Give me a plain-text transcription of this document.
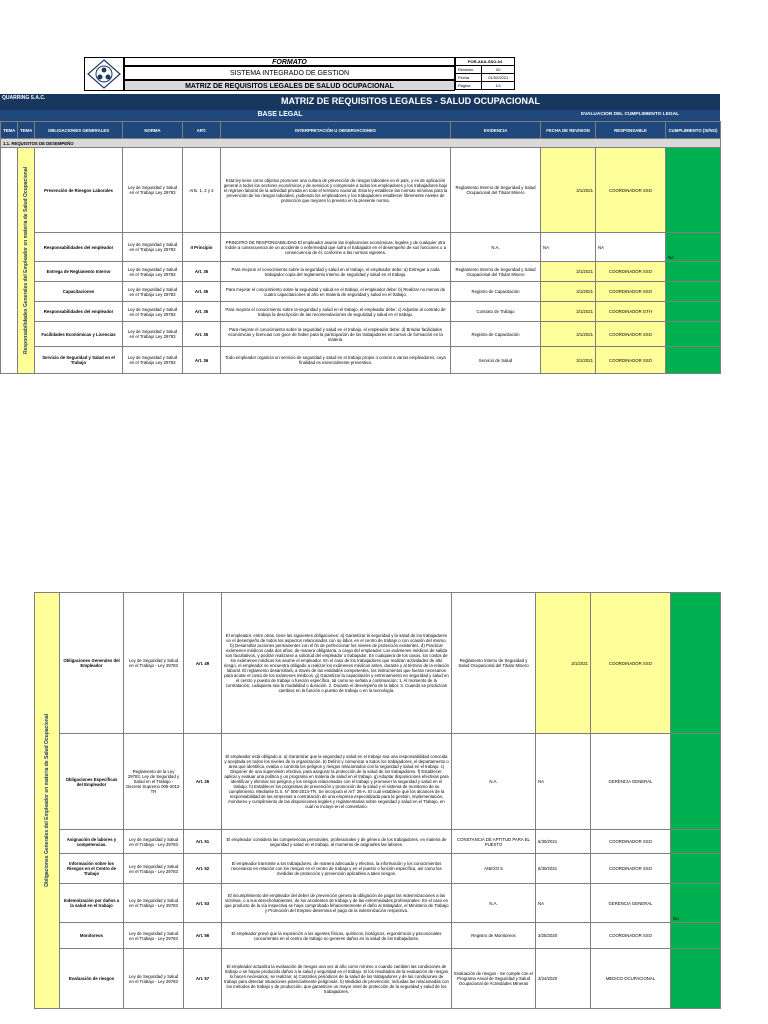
FORMATO
SISTEMA INTEGRADO DE GESTION
MATRIZ DE REQUISITOS LEGALES DE SALUD OCUPACIONAL
POR-AKA-SSO-04	
Revisión	00
Fecha	01/02/2021
Página	1/1
QUARRING S.A.C.	MATRIZ DE REQUISITOS LEGALES - SALUD OCUPACIONAL
BASE LEGAL	EVALUACION DEL CUMPLIMIENTO LEGAL
TEMA	TEMA	OBLIGACIONES GENERALES	NORMA	ART.	INTERPRETACIÓN U OBSERVACIONES	EVIDENCIA	FECHA DE REVISION	RESPONSABLE	CUMPLIMIENTO (SI/NO)
1.1. REQUISITOS DE DESEMPEÑO									

	Responsabilidades Generales del Empleador en materia de Salud Ocupacional	Prevención de Riesgos Laborales	Ley de Seguridad y Salud en el Trabajo Ley 29783	Arts. 1, 2 y 3	Esta ley tiene como objetivo promover una cultura de prevención de riesgos laborales en el país, y es de aplicación general a todos los sectores económicos y de servicios y comprende a todos los empleadores y los trabajadores bajo el régimen laboral de la actividad privada en todo el territorio nacional. Esta ley establece las normas mínimas para la prevención de los riesgos laborales, pudiendo los empleadores y los trabajadores establecer libremente niveles de protección que mejoren lo previsto en la presente norma.	Reglamento Interno de Seguridad y Salud Ocupacional del Titular Minero	3/1/2021	COORDINADOR SSO	
		Responsabilidades del empleador	Ley de Seguridad y Salud en el Trabajo Ley 29783	II Principio	PRINCIPIO DE RESPONSABILIDAD El empleador asume las implicancias económicas, legales y de cualquier otra índole a consecuencia de un accidente o enfermedad que sufra el trabajador en el desempeño de sus funciones o a consecuencia de él, conforme a las normas vigentes.	N.A.	NA	NA	NA
		Entrega de Reglamento Interno	Ley de Seguridad y Salud en el Trabajo Ley 29783	Art. 35	Para mejorar el conocimiento sobre la seguridad y salud en el trabajo, el empleador debe: a) Entregar a cada trabajador copia del reglamento interno de seguridad y salud en el trabajo.	Reglamento Interno de Seguridad y Salud Ocupacional del Titular Minero	3/1/2021	COORDINADOR SSO	
		Capacitaciones	Ley de Seguridad y Salud en el Trabajo Ley 29783	Art. 35	Para mejorar el conocimiento sobre la seguridad y salud en el trabajo, el empleador debe: b) Realizar no menos de cuatro capacitaciones al año en materia de seguridad y salud en el trabajo.	Registro de Capacitación	3/1/2021	COORDINADOR SSO	
		Responsabilidades del empleador	Ley de Seguridad y Salud en el Trabajo Ley 29783	Art. 35	Para mejorar el conocimiento sobre la seguridad y salud en el trabajo, el empleador debe: c) Adjuntar al contrato de trabajo la descripción de las recomendaciones de seguridad y salud en el trabajo.	Contrato de Trabajo	3/1/2021	COORDINADOR GTH	
		Facilidades Económicas y Licencias	Ley de Seguridad y Salud en el Trabajo Ley 29783	Art. 35	Para mejorar el conocimiento sobre la seguridad y salud en el trabajo, el empleador debe: d) Brindar facilidades económicas y licencias con goce de haber para la participación de los trabajadores en cursos de formación en la materia.	Registro de Capacitación	3/1/2021	COORDINADOR SSO	
		Servicio de Seguridad y Salud en el Trabajo	Ley de Seguridad y Salud en el Trabajo Ley 29783	Art. 36	Todo empleador organiza un servicio de seguridad y salud en el trabajo propio o común a varios empleadores, cuya finalidad es esencialmente preventiva.	Servicio de Salud	3/1/2021	COORDINADOR SSO	
Obligaciones Generales del Empleador en materia de Salud Ocupacional	Obligaciones Generales del Empleador	Ley de Seguridad y Salud en el Trabajo - Ley 29783	Art. 49	El empleador, entre otras, tiene las siguientes obligaciones: a) Garantizar la seguridad y la salud de los trabajadores en el desempeño de todos los aspectos relacionados con su labor, en el centro de trabajo o con ocasión del mismo. b) Desarrollar acciones permanentes con el fin de perfeccionar los niveles de protección existentes. d) Practicar exámenes médicos cada dos años, de manera obligatoria, a cargo del empleador. Los exámenes médicos de salida son facultativos, y podrán realizarse a solicitud del empleador o trabajador. En cualquiera de los casos, los costos de los exámenes médicos los asume el empleador. En el caso de los trabajadores que realizan actividades de alto riesgo, el empleador se encuentra obligado a realizar los exámenes médicos antes, durante y al término de la relación laboral. El reglamento desarrollará, a través de las entidades competentes, los instrumentos que fueran necesarios para acotar el costo de los exámenes médicos. g) Garantizar la capacitación y entrenamiento en seguridad y salud en el centro y puesto de trabajo o función específica, tal como se señala a continuación: 1. Al momento de la contratación, cualquiera sea la modalidad o duración. 2. Durante el desempeño de la labor. 3. Cuando se produzcan cambios en la función o puesto de trabajo o en la tecnología.	Reglamento Interno de Seguridad y Salud Ocupacional del Titular Minero	3/1/2021	COORDINADOR SSO	
	Obligaciones Específicas del Empleador	Reglamento de la Ley 29783, Ley de Seguridad y Salud en el Trabajo - Decreto Supremo 005-2012-TR	Art. 26	El empleador está obligado a: a) Garantizar que la seguridad y salud en el trabajo sea una responsabilidad conocida y aceptada en todos los niveles de la organización. b) Definir y comunicar a todos los trabajadores, el departamento o área que identifica, evalúa o controla los peligros y riesgos relacionados con la seguridad y salud en el trabajo. c) Disponer de una supervisión efectiva, para asegurar la protección de la salud de los trabajadores. f) Establecer, aplicar y evaluar una política y un programa en materia de salud en el trabajo. g) Adoptar disposiciones efectivas para identificar y eliminar los peligros y los riesgos relacionados con el trabajo y promover la seguridad y salud en el trabajo. h) Establecer los programas de prevención y promoción de la salud y el sistema de monitoreo de su cumplimiento. Mediante D.S. N° 006-2014-TR. Se incorpora el Art° 26-A. El cual establece que los alcances de la responsabilidad de las empresas a contratación de una empresa especializada para la gestión, implementación, monitoreo y cumplimiento de las disposiciones legales y reglamentarias sobre seguridad y salud en el Trabajo, en cual no incluye en el comentario.	N.A.	NA	GERENCIA GENERAL	
	Asignación de labores y competencias.	Ley de Seguridad y Salud en el Trabajo - Ley 29783	Art. 51	El empleador considera las competencias personales, profesionales y de género de los trabajadores, en materia de seguridad y salud en el trabajo, al momento de asignarles las labores.	CONSTANCIA DE APTITUD PARA EL PUESTO	6/30/2021	COORDINADOR SSO	
	Información sobre los Riesgos en el Centro de Trabajo	Ley de Seguridad y Salud en el Trabajo - Ley 29783	Art. 52	El empleador transmite a los trabajadores, de manera adecuada y efectiva, la información y los conocimientos necesarios en relación con los riesgos en el centro de trabajo y en el puesto o función específica, así como las medidas de protección y prevención aplicables a tales riesgos.	ANEXO 5	6/30/2021	COORDINADOR SSO	
	Indemnización por daños a la salud en el trabajo	Ley de Seguridad y Salud en el Trabajo - Ley 29783	Art. 53	El incumplimiento del empleador del deber de prevención genera la obligación de pagar las indemnizaciones a las víctimas, o a sus derechohabientes, de los accidentes de trabajo y de las enfermedades profesionales. En el caso en que producto de la vía inspectiva se haya comprobado fehacientemente el daño al trabajador, el Ministerio de Trabajo y Promoción del Empleo determina el pago de la indemnización respectiva.	N.A.	NA	GERENCIA GENERAL	NA
	Monitoreos	Ley de Seguridad y Salud en el Trabajo - Ley 29783	Art. 56	El empleador prevé que la exposición a los agentes físicos, químicos, biológicos, ergonómicos y psicosociales concurrentes en el centro de trabajo no generen daños en la salud de los trabajadores.	Registro de Monitoreos	3/25/2020	COORDINADOR SSO	
	Evaluación de riesgos	Ley de Seguridad y Salud en el Trabajo - Ley 29783	Art. 57	El empleador actualiza la evaluación de riesgos una vez al año como mínimo o cuando cambien las condiciones de trabajo o se hayan producido daños a la salud y seguridad en el trabajo. Si los resultados de la evaluación de riesgos lo hacen necesarios, se realizan: a) Controles periódicos de la salud de los trabajadores y de las condiciones de trabajo para detectar situaciones potencialmente peligrosas. b) Medidas de prevención, incluidas las relacionadas con los métodos de trabajo y de producción, que garanticen un mayor nivel de protección de la seguridad y salud de los trabajadores.	Evaluación de riesgos - Se cumple con el Programa Anual de Seguridad y Salud Ocupacional de Actividades Mineras	3/24/2020	MEDICO OCUPACIONAL	
